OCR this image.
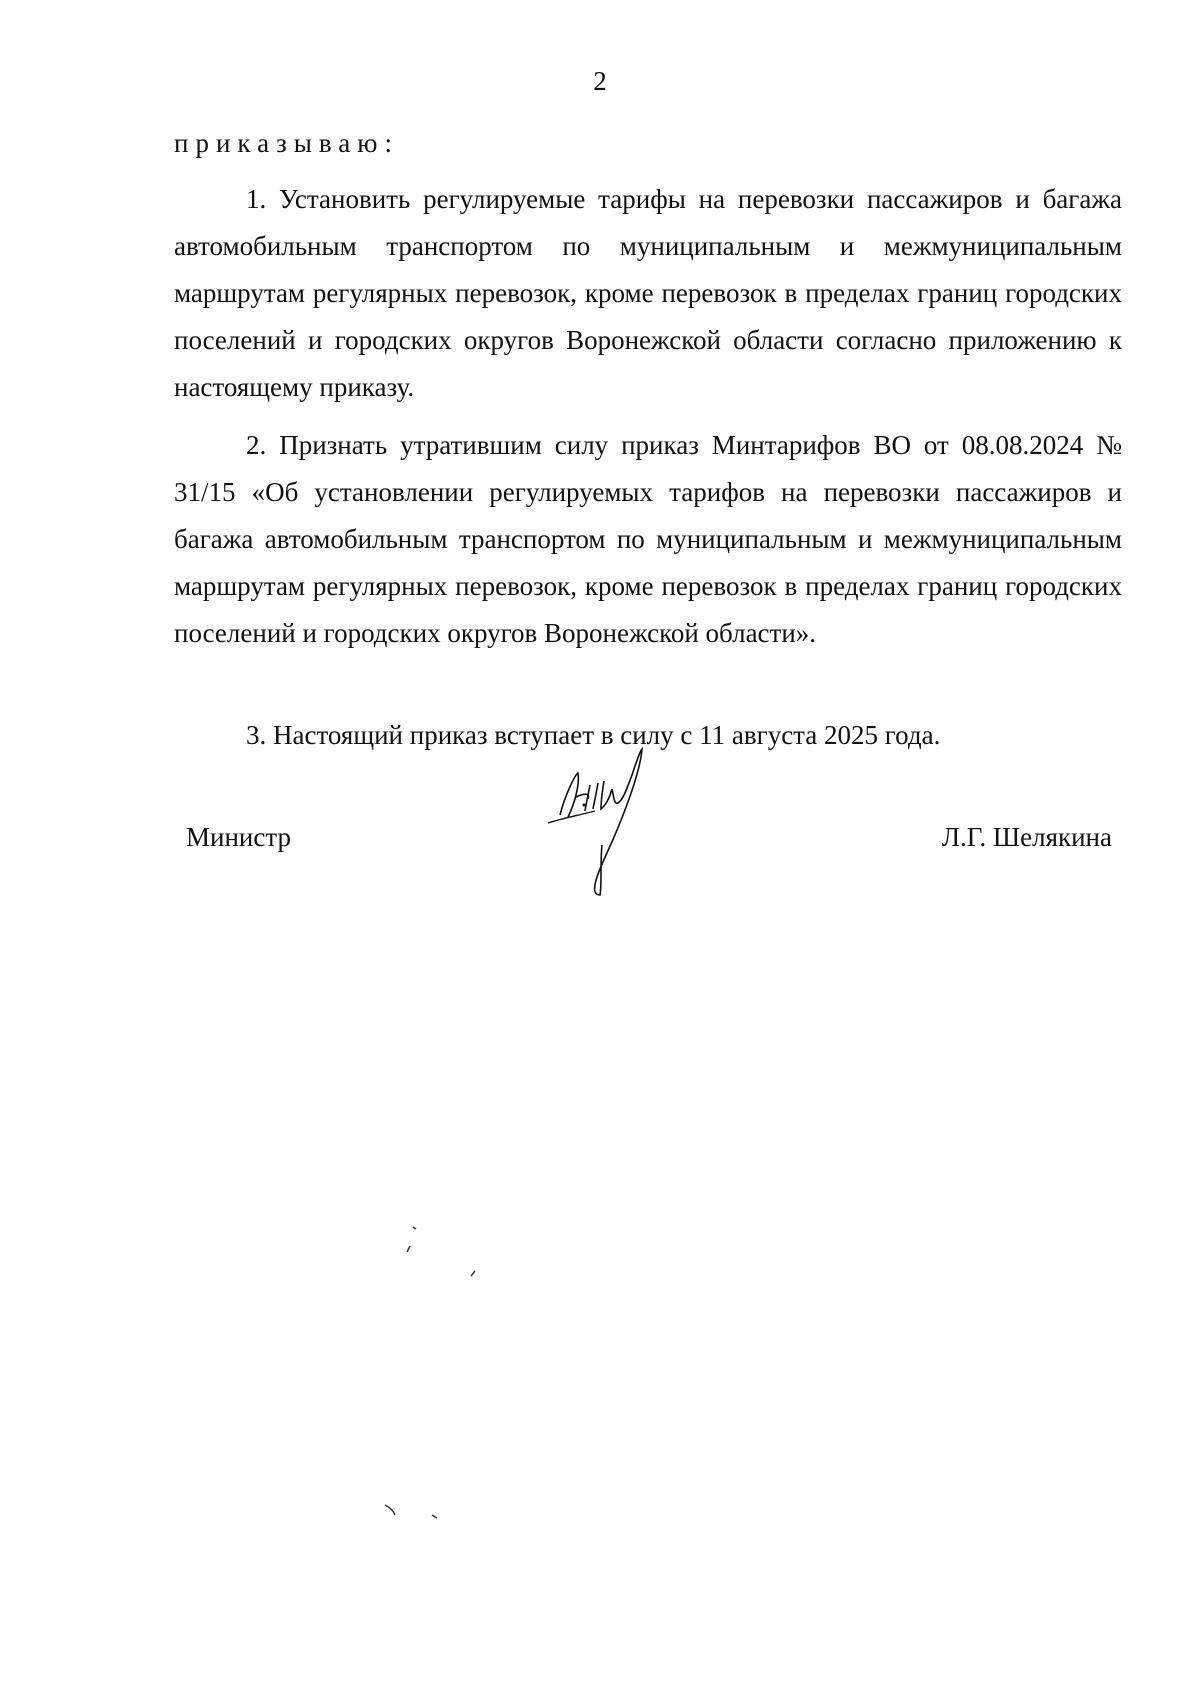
2
приказываю:

1. Установить регулируемые тарифы на перевозки пассажиров и багажа автомобильным транспортом по муниципальным и межмуниципальным маршрутам регулярных перевозок, кроме перевозок в пределах границ городских поселений и городских округов Воронежской области согласно приложению к настоящему приказу.

2. Признать утратившим силу приказ Минтарифов ВО от 08.08.2024 № 31/15 «Об установлении регулируемых тарифов на перевозки пассажиров и багажа автомобильным транспортом по муниципальным и межмуниципальным маршрутам регулярных перевозок, кроме перевозок в пределах границ городских поселений и городских округов Воронежской области».

3. Настоящий приказ вступает в силу с 11 августа 2025 года.

Министр	Л.Г. Шелякина
